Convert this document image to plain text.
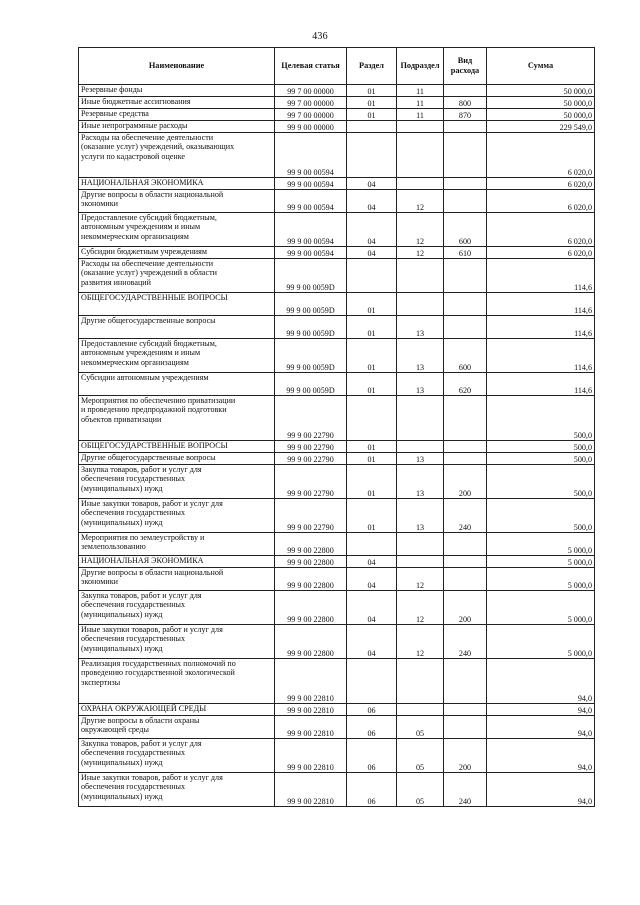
436
Наименование	Целевая статья	Раздел	Подраздел	Вид расхода	Сумма
Резервные фонды	99 7 00 00000	01	11		50 000,0
Иные бюджетные ассигнования	99 7 00 00000	01	11	800	50 000,0
Резервные средства	99 7 00 00000	01	11	870	50 000,0
Иные непрограммные расходы	99 9 00 00000				229 549,0
Расходы на обеспечение деятельности
(оказание услуг) учреждений, оказывающих
услуги по кадастровой оценке	99 9 00 00594				6 020,0
НАЦИОНАЛЬНАЯ ЭКОНОМИКА	99 9 00 00594	04			6 020,0
Другие вопросы в области национальной
экономики	99 9 00 00594	04	12		6 020,0
Предоставление субсидий бюджетным,
автономным учреждениям и иным
некоммерческим организациям	99 9 00 00594	04	12	600	6 020,0
Субсидии бюджетным учреждениям	99 9 00 00594	04	12	610	6 020,0
Расходы на обеспечение деятельности
(оказание услуг) учреждений в области
развития инноваций	99 9 00 0059D				114,6
ОБЩЕГОСУДАРСТВЕННЫЕ ВОПРОСЫ	99 9 00 0059D	01			114,6
Другие общегосударственные вопросы	99 9 00 0059D	01	13		114,6
Предоставление субсидий бюджетным,
автономным учреждениям и иным
некоммерческим организациям	99 9 00 0059D	01	13	600	114,6
Субсидии автономным учреждениям	99 9 00 0059D	01	13	620	114,6
Мероприятия по обеспечению приватизации
и проведению предпродажной подготовки
объектов приватизации	99 9 00 22790				500,0
ОБЩЕГОСУДАРСТВЕННЫЕ ВОПРОСЫ	99 9 00 22790	01			500,0
Другие общегосударственные вопросы	99 9 00 22790	01	13		500,0
Закупка товаров, работ и услуг для
обеспечения государственных
(муниципальных) нужд	99 9 00 22790	01	13	200	500,0
Иные закупки товаров, работ и услуг для
обеспечения государственных
(муниципальных) нужд	99 9 00 22790	01	13	240	500,0
Мероприятия по землеустройству и
землепользованию	99 9 00 22800				5 000,0
НАЦИОНАЛЬНАЯ ЭКОНОМИКА	99 9 00 22800	04			5 000,0
Другие вопросы в области национальной
экономики	99 9 00 22800	04	12		5 000,0
Закупка товаров, работ и услуг для
обеспечения государственных
(муниципальных) нужд	99 9 00 22800	04	12	200	5 000,0
Иные закупки товаров, работ и услуг для
обеспечения государственных
(муниципальных) нужд	99 9 00 22800	04	12	240	5 000,0
Реализация государственных полномочий по
проведению государственной экологической
экспертизы	99 9 00 22810				94,0
ОХРАНА ОКРУЖАЮЩЕЙ СРЕДЫ	99 9 00 22810	06			94,0
Другие вопросы в области охраны
окружающей среды	99 9 00 22810	06	05		94,0
Закупка товаров, работ и услуг для
обеспечения государственных
(муниципальных) нужд	99 9 00 22810	06	05	200	94,0
Иные закупки товаров, работ и услуг для
обеспечения государственных
(муниципальных) нужд	99 9 00 22810	06	05	240	94,0
